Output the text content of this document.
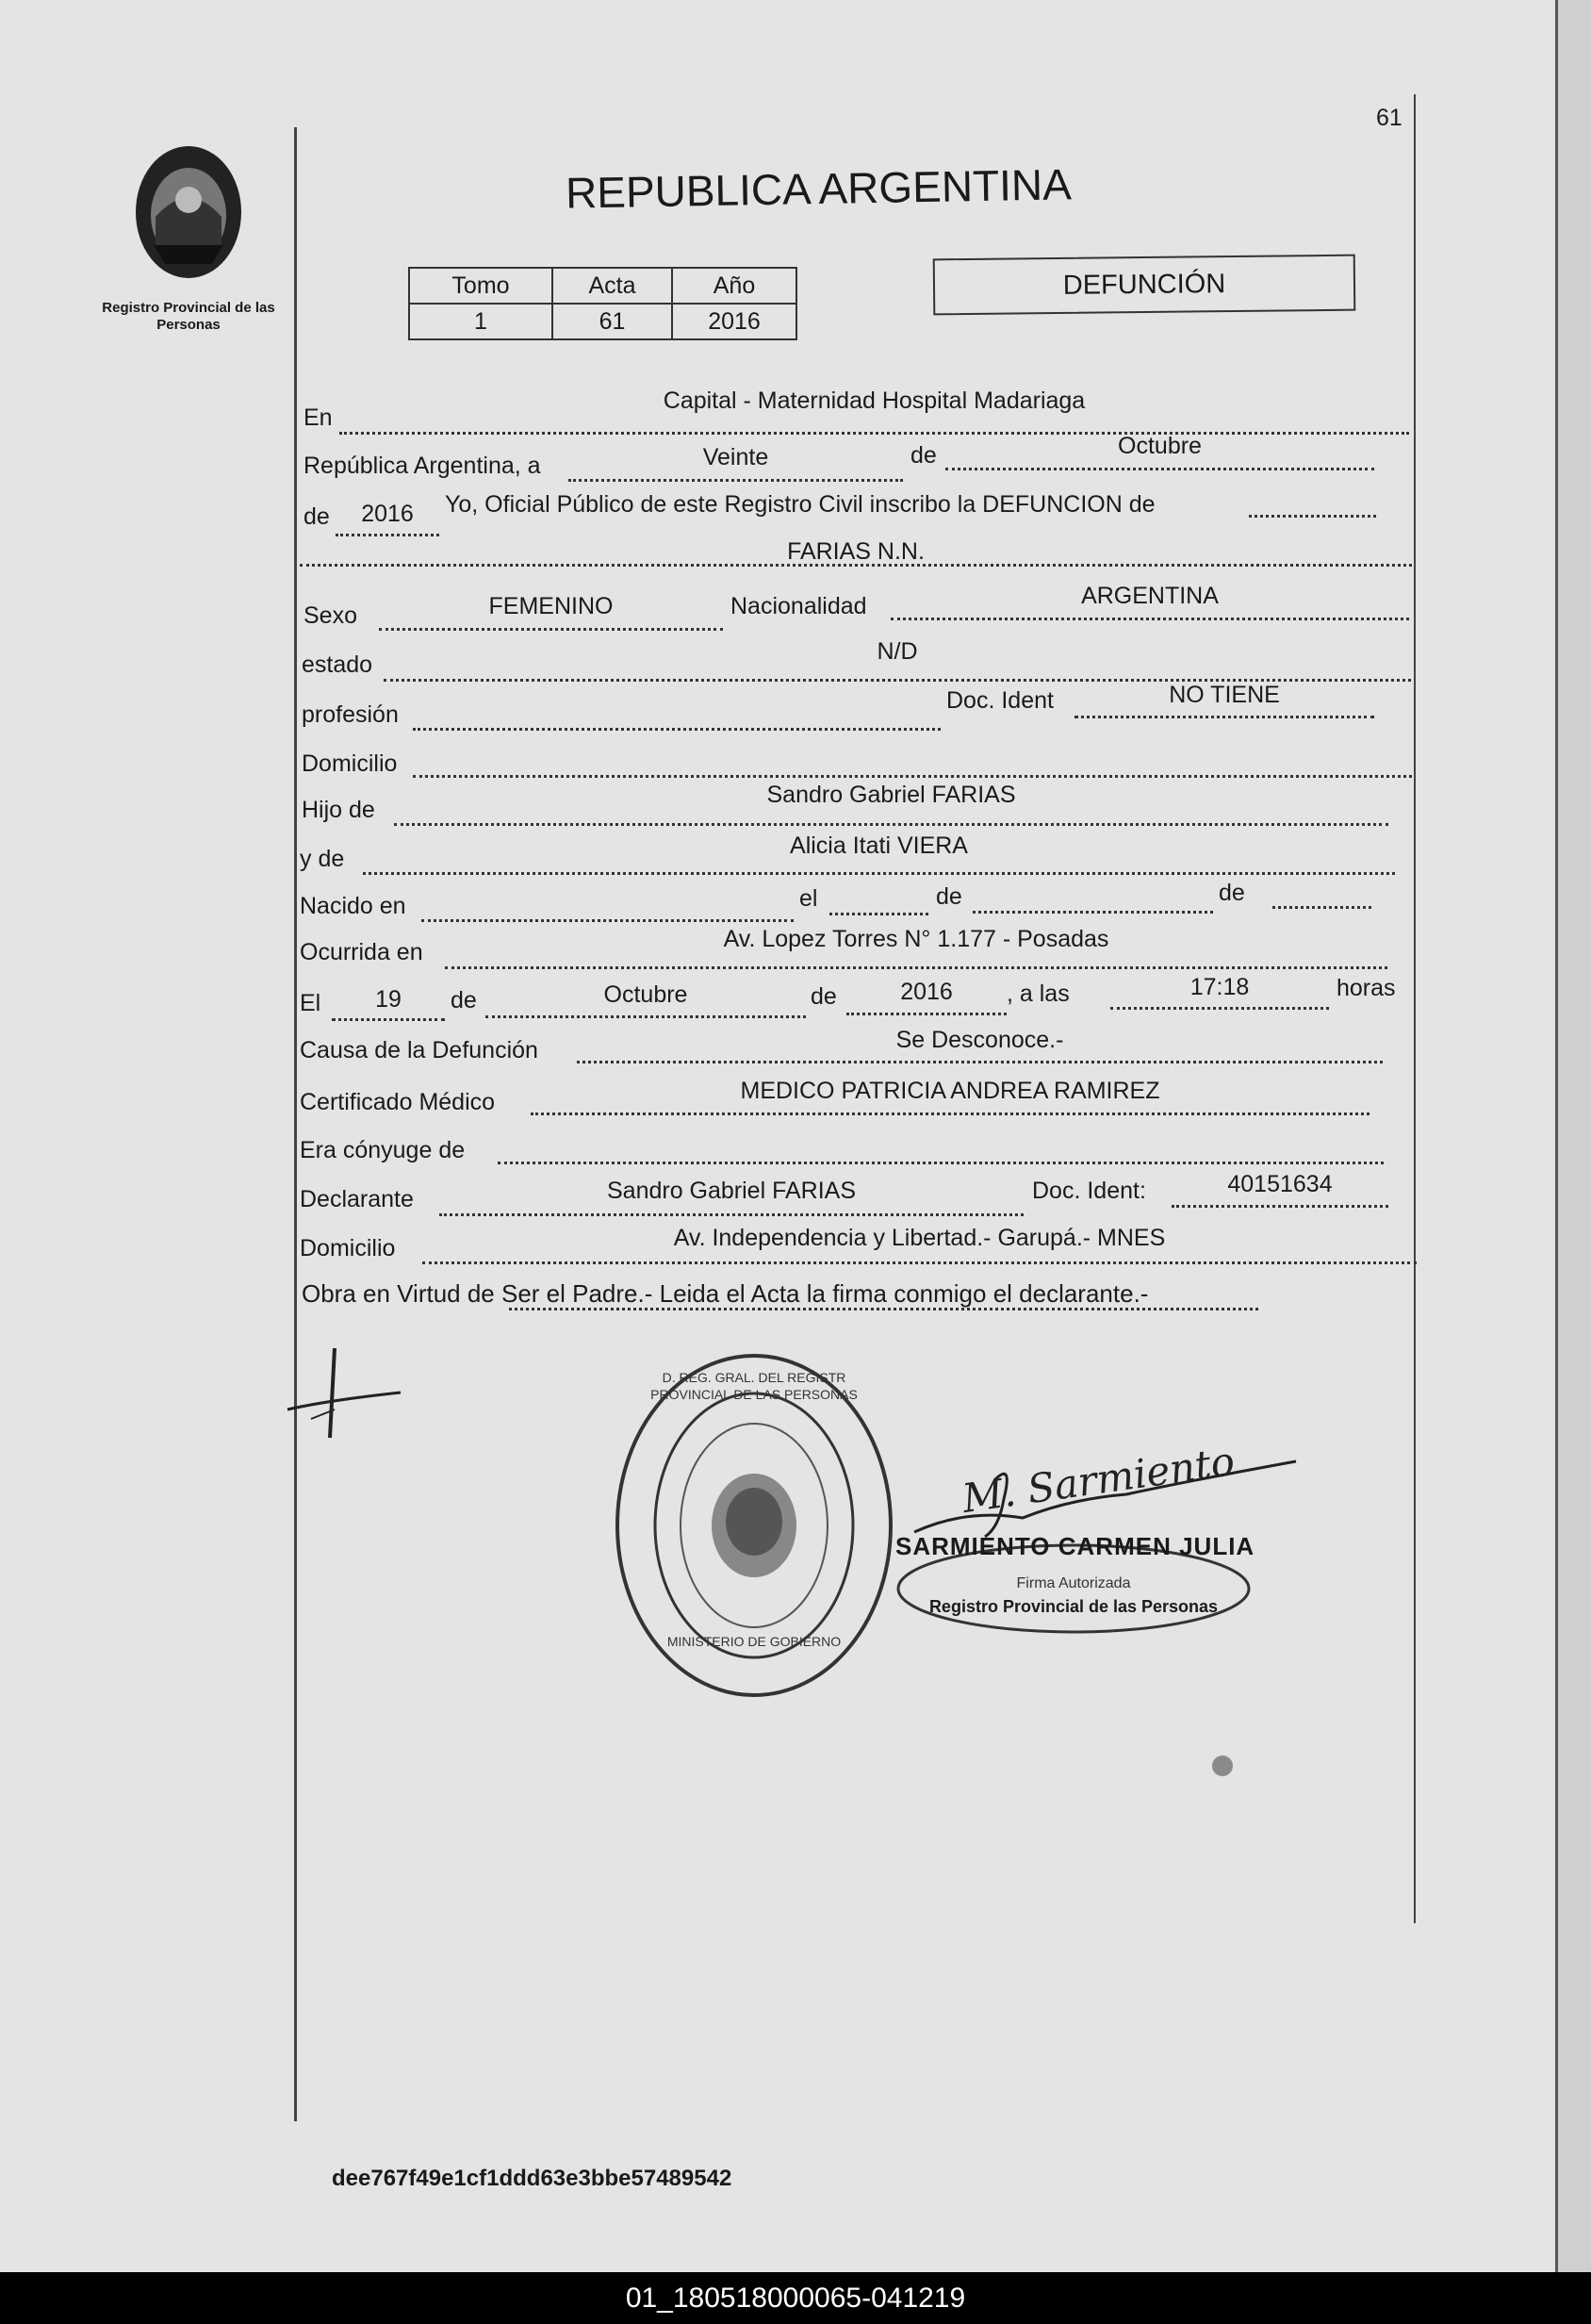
61
Registro Provincial de las Personas
REPUBLICA ARGENTINA
Tomo	Acta	Año
1	61	2016
DEFUNCIÓN
En
Capital - Maternidad Hospital Madariaga
República Argentina, a	Veinte	de	Octubre
de	2016	Yo, Oficial Público de este Registro Civil inscribo la DEFUNCION de
FARIAS N.N.
Sexo	FEMENINO	Nacionalidad	ARGENTINA
estado	N/D
profesión
Doc. Ident	NO TIENE
Domicilio
Hijo de
Sandro Gabriel FARIAS
y de	Alicia Itati VIERA
Nacido en	el	de	de
Ocurrida en	Av. Lopez Torres N° 1.177 - Posadas
El	19	de	Octubre	de	2016	, a las	17:18	horas
Causa de la Defunción	Se Desconoce.-
Certificado Médico	MEDICO PATRICIA ANDREA RAMIREZ
Era cónyuge de
Declarante	Sandro Gabriel FARIAS	Doc. Ident:	40151634
Domicilio	Av. Independencia y Libertad.- Garupá.- MNES
Obra en Virtud de Ser el Padre.- Leida el Acta la firma conmigo el declarante.-
D. REG. GRAL. DEL REGISTR PROVINCIAL DE LAS PERSONAS
MINISTERIO DE GOBIERNO
M. Sarmiento
SARMIENTO CARMEN JULIA
Firma Autorizada
Registro Provincial de las Personas
dee767f49e1cf1ddd63e3bbe57489542
01_180518000065-041219
